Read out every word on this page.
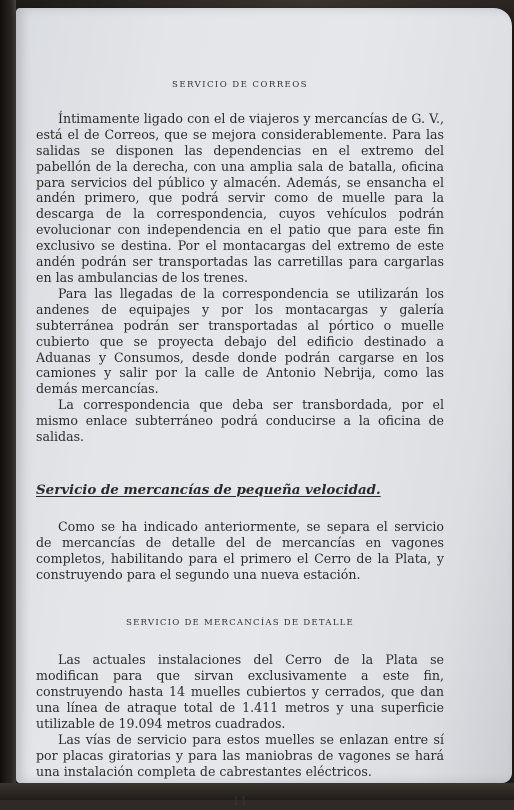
SERVICIO DE CORREOS

Íntimamente ligado con el de viajeros y mercancías de G. V., está el de Correos, que se mejora considerablemente. Para las salidas se disponen las dependencias en el extremo del pabellón de la derecha, con una amplia sala de batalla, oficina para servicios del público y almacén. Además, se ensancha el andén primero, que podrá servir como de muelle para la descarga de la correspondencia, cuyos vehículos podrán evolucionar con independencia en el patio que para este fin exclusivo se destina. Por el montacargas del extremo de este andén podrán ser transportadas las carretillas para cargarlas en las ambulancias de los trenes.

Para las llegadas de la correspondencia se utilizarán los andenes de equipajes y por los montacargas y galería subterránea podrán ser transportadas al pórtico o muelle cubierto que se proyecta debajo del edificio destinado a Aduanas y Consumos, desde donde podrán cargarse en los camiones y salir por la calle de Antonio Nebrija, como las demás mercancías.

La correspondencia que deba ser transbordada, por el mismo enlace subterráneo podrá conducirse a la oficina de salidas.

Servicio de mercancías de pequeña velocidad.

Como se ha indicado anteriormente, se separa el servicio de mercancías de detalle del de mercancías en vagones completos, habilitando para el primero el Cerro de la Plata, y construyendo para el segundo una nueva estación.

SERVICIO DE MERCANCÍAS DE DETALLE

Las actuales instalaciones del Cerro de la Plata se modifican para que sirvan exclusivamente a este fin, construyendo hasta 14 muelles cubiertos y cerrados, que dan una línea de atraque total de 1.411 metros y una superficie utilizable de 19.094 metros cuadrados.

Las vías de servicio para estos muelles se enlazan entre sí por placas giratorias y para las maniobras de vagones se hará una instalación completa de cabrestantes eléctricos.

11
